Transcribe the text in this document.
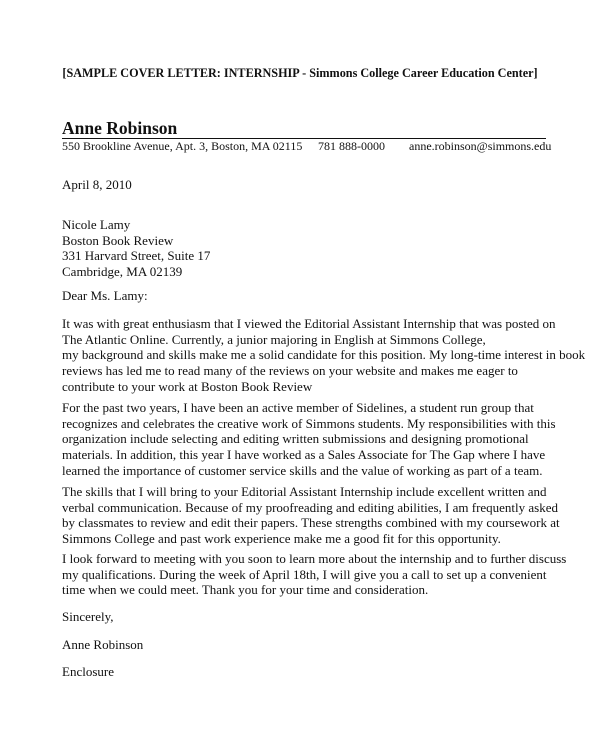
[SAMPLE COVER LETTER: INTERNSHIP - Simmons College Career Education Center]
Anne Robinson
550 Brookline Avenue, Apt. 3, Boston, MA 02115 781 888-0000 anne.robinson@simmons.edu
April 8, 2010
Nicole Lamy
Boston Book Review
331 Harvard Street, Suite 17
Cambridge, MA 02139
Dear Ms. Lamy:
It was with great enthusiasm that I viewed the Editorial Assistant Internship that was posted on
The Atlantic Online. Currently, a junior majoring in English at Simmons College,
my background and skills make me a solid candidate for this position. My long-time interest in book
reviews has led me to read many of the reviews on your website and makes me eager to
contribute to your work at Boston Book Review
For the past two years, I have been an active member of Sidelines, a student run group that
recognizes and celebrates the creative work of Simmons students. My responsibilities with this
organization include selecting and editing written submissions and designing promotional
materials. In addition, this year I have worked as a Sales Associate for The Gap where I have
learned the importance of customer service skills and the value of working as part of a team.
The skills that I will bring to your Editorial Assistant Internship include excellent written and
verbal communication. Because of my proofreading and editing abilities, I am frequently asked
by classmates to review and edit their papers. These strengths combined with my coursework at
Simmons College and past work experience make me a good fit for this opportunity.
I look forward to meeting with you soon to learn more about the internship and to further discuss
my qualifications. During the week of April 18th, I will give you a call to set up a convenient
time when we could meet. Thank you for your time and consideration.
Sincerely,
Anne Robinson
Enclosure
